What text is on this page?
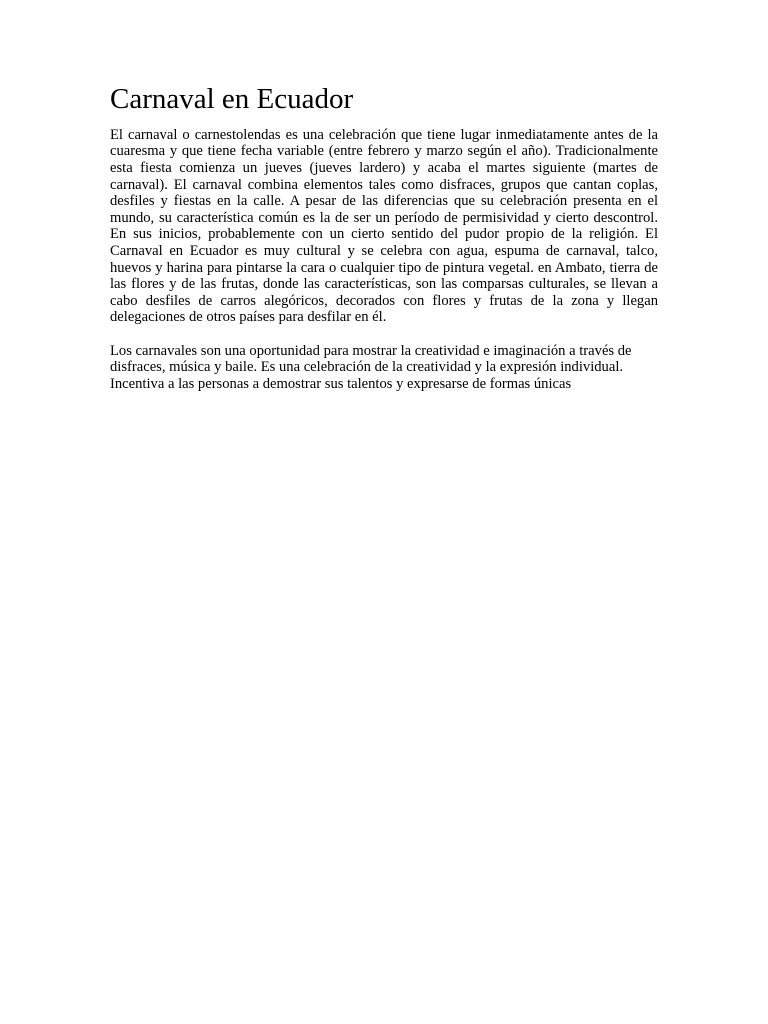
Carnaval en Ecuador

El carnaval o carnestolendas es una celebración que tiene lugar inmediatamente antes de la cuaresma y que tiene fecha variable (entre febrero y marzo según el año). Tradicionalmente esta fiesta comienza un jueves (jueves lardero) y acaba el martes siguiente (martes de carnaval). El carnaval combina elementos tales como disfraces, grupos que cantan coplas, desfiles y fiestas en la calle. A pesar de las diferencias que su celebración presenta en el mundo, su característica común es la de ser un período de permisividad y cierto descontrol. En sus inicios, probablemente con un cierto sentido del pudor propio de la religión. El Carnaval en Ecuador es muy cultural y se celebra con agua, espuma de carnaval, talco, huevos y harina para pintarse la cara o cualquier tipo de pintura vegetal. en Ambato, tierra de las flores y de las frutas, donde las características, son las comparsas culturales, se llevan a cabo desfiles de carros alegóricos, decorados con flores y frutas de la zona y llegan delegaciones de otros países para desfilar en él.

Los carnavales son una oportunidad para mostrar la creatividad e imaginación a través de disfraces, música y baile. Es una celebración de la creatividad y la expresión individual. Incentiva a las personas a demostrar sus talentos y expresarse de formas únicas
